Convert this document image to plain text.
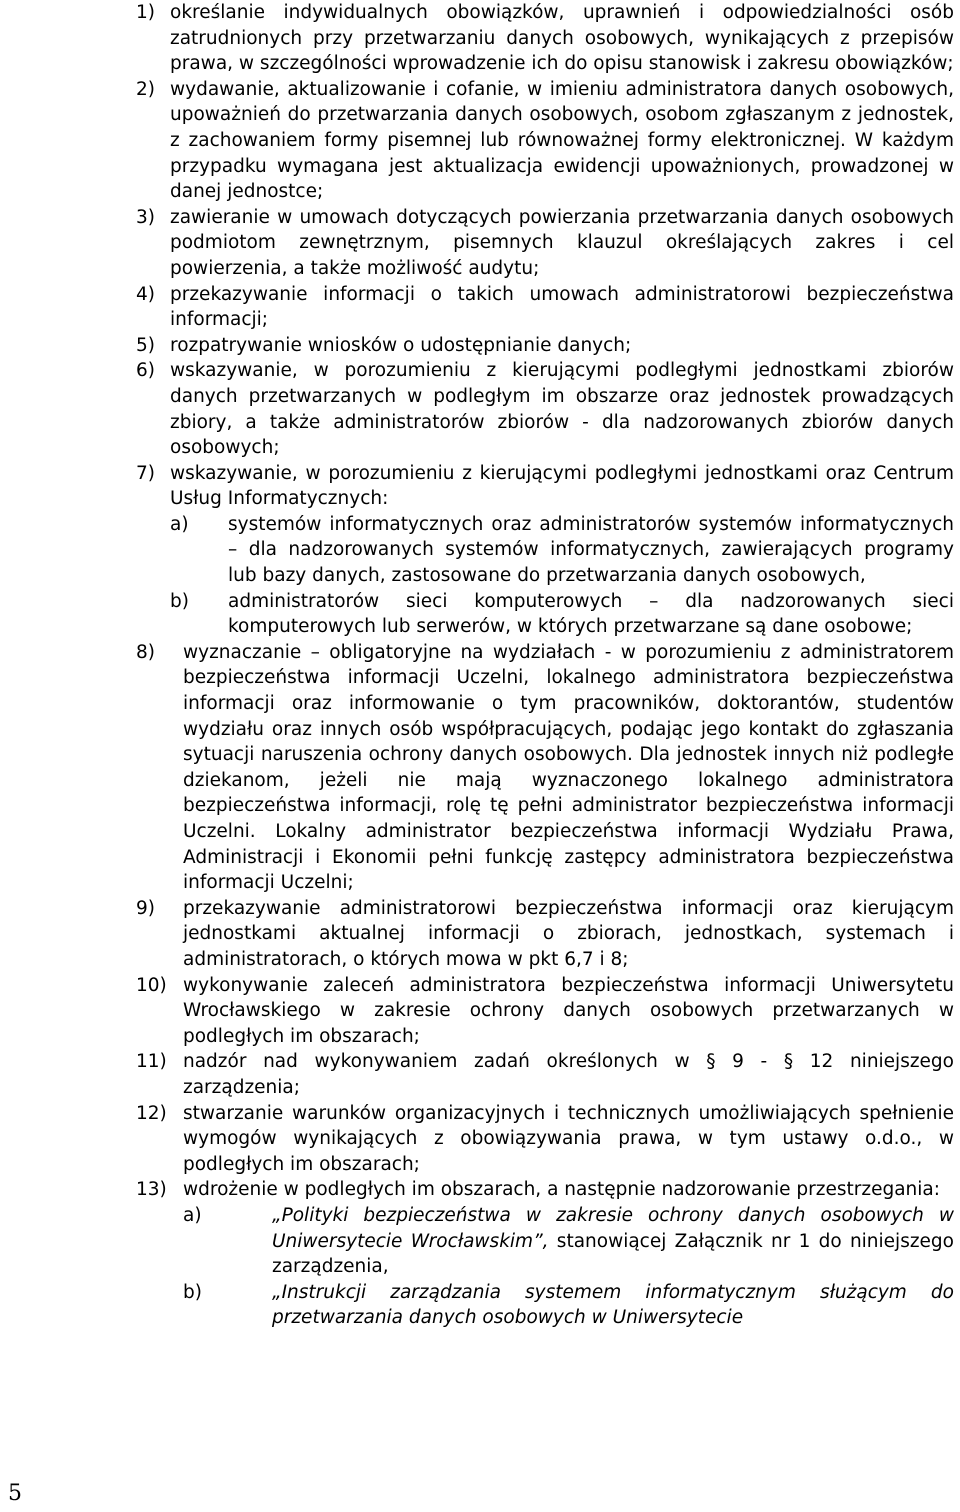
1) określanie indywidualnych obowiązków, uprawnień i odpowiedzialności osób zatrudnionych przy przetwarzaniu danych osobowych, wynikających z przepisów prawa, w szczególności wprowadzenie ich do opisu stanowisk i zakresu obowiązków;
2) wydawanie, aktualizowanie i cofanie, w imieniu administratora danych osobowych, upoważnień do przetwarzania danych osobowych, osobom zgłaszanym z jednostek, z zachowaniem formy pisemnej lub równoważnej formy elektronicznej. W każdym przypadku wymagana jest aktualizacja ewidencji upoważnionych, prowadzonej w danej jednostce;
3) zawieranie w umowach dotyczących powierzania przetwarzania danych osobowych podmiotom zewnętrznym, pisemnych klauzul określających zakres i cel powierzenia, a także możliwość audytu;
4) przekazywanie informacji o takich umowach administratorowi bezpieczeństwa informacji;
5) rozpatrywanie wniosków o udostępnianie danych;
6) wskazywanie, w porozumieniu z kierującymi podległymi jednostkami zbiorów danych przetwarzanych w podległym im obszarze oraz jednostek prowadzących zbiory, a także administratorów zbiorów - dla nadzorowanych zbiorów danych osobowych;
7) wskazywanie, w porozumieniu z kierującymi podległymi jednostkami oraz Centrum Usług Informatycznych:
a) systemów informatycznych oraz administratorów systemów informatycznych – dla nadzorowanych systemów informatycznych, zawierających programy lub bazy danych, zastosowane do przetwarzania danych osobowych,
b) administratorów sieci komputerowych – dla nadzorowanych sieci komputerowych lub serwerów, w których przetwarzane są dane osobowe;
8) wyznaczanie – obligatoryjne na wydziałach - w porozumieniu z administratorem bezpieczeństwa informacji Uczelni, lokalnego administratora bezpieczeństwa informacji oraz informowanie o tym pracowników, doktorantów, studentów wydziału oraz innych osób współpracujących, podając jego kontakt do zgłaszania sytuacji naruszenia ochrony danych osobowych. Dla jednostek innych niż podległe dziekanom, jeżeli nie mają wyznaczonego lokalnego administratora bezpieczeństwa informacji, rolę tę pełni administrator bezpieczeństwa informacji Uczelni. Lokalny administrator bezpieczeństwa informacji Wydziału Prawa, Administracji i Ekonomii pełni funkcję zastępcy administratora bezpieczeństwa informacji Uczelni;
9) przekazywanie administratorowi bezpieczeństwa informacji oraz kierującym jednostkami aktualnej informacji o zbiorach, jednostkach, systemach i administratorach, o których mowa w pkt 6,7 i 8;
10) wykonywanie zaleceń administratora bezpieczeństwa informacji Uniwersytetu Wrocławskiego w zakresie ochrony danych osobowych przetwarzanych w podległych im obszarach;
11) nadzór nad wykonywaniem zadań określonych w § 9 - § 12 niniejszego zarządzenia;
12) stwarzanie warunków organizacyjnych i technicznych umożliwiających spełnienie wymogów wynikających z obowiązywania prawa, w tym ustawy o.d.o., w podległych im obszarach;
13) wdrożenie w podległych im obszarach, a następnie nadzorowanie przestrzegania:
a)	„Polityki bezpieczeństwa w zakresie ochrony danych osobowych w Uniwersytecie Wrocławskim”, stanowiącej Załącznik nr 1 do niniejszego zarządzenia,
b)	„Instrukcji zarządzania systemem informatycznym służącym do przetwarzania danych osobowych w Uniwersytecie
5
